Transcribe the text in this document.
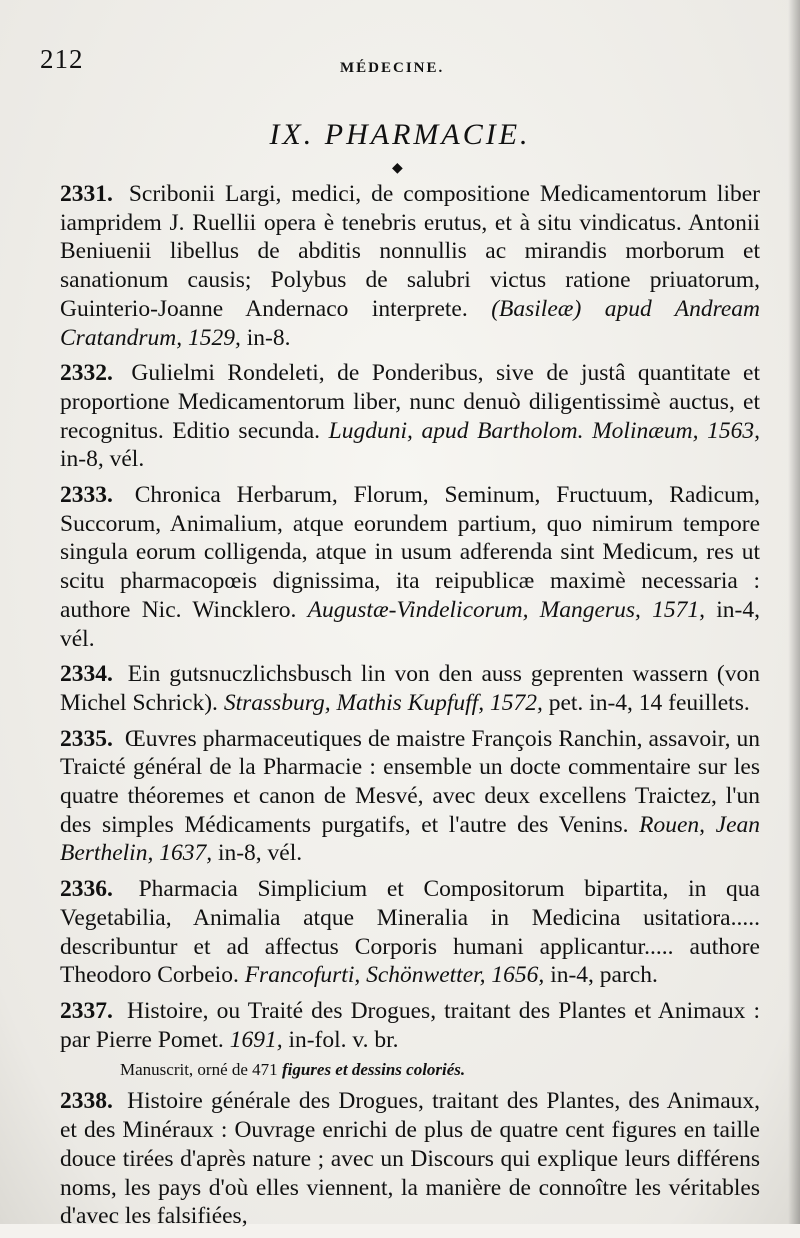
212	MÉDECINE.
IX. PHARMACIE.
◆

2331. Scribonii Largi, medici, de compositione Medicamentorum liber iampridem J. Ruellii opera è tenebris erutus, et à situ vindicatus. Antonii Beniuenii libellus de abditis nonnullis ac mirandis morborum et sanationum causis; Polybus de salubri victus ratione priuatorum, Guinterio-Joanne Andernaco interprete. (Basileæ) apud Andream Cratandrum, 1529, in-8.

2332. Gulielmi Rondeleti, de Ponderibus, sive de justâ quantitate et proportione Medicamentorum liber, nunc denuò diligentissimè auctus, et recognitus. Editio secunda. Lugduni, apud Bartholom. Molinæum, 1563, in-8, vél.

2333. Chronica Herbarum, Florum, Seminum, Fructuum, Radicum, Succorum, Animalium, atque eorundem partium, quo nimirum tempore singula eorum colligenda, atque in usum adferenda sint Medicum, res ut scitu pharmacopœis dignissima, ita reipublicæ maximè necessaria : authore Nic. Wincklero. Augustæ-Vindelicorum, Mangerus, 1571, in-4, vél.

2334. Ein gutsnuczlichsbusch lin von den auss geprenten wassern (von Michel Schrick). Strassburg, Mathis Kupfuff, 1572, pet. in-4, 14 feuillets.

2335. Œuvres pharmaceutiques de maistre François Ranchin, assavoir, un Traicté général de la Pharmacie : ensemble un docte commentaire sur les quatre théoremes et canon de Mesvé, avec deux excellens Traictez, l'un des simples Médicaments purgatifs, et l'autre des Venins. Rouen, Jean Berthelin, 1637, in-8, vél.

2336. Pharmacia Simplicium et Compositorum bipartita, in qua Vegetabilia, Animalia atque Mineralia in Medicina usitatiora..... describuntur et ad affectus Corporis humani applicantur..... authore Theodoro Corbeio. Francofurti, Schönwetter, 1656, in-4, parch.

2337. Histoire, ou Traité des Drogues, traitant des Plantes et Animaux : par Pierre Pomet. 1691, in-fol. v. br.

Manuscrit, orné de 471 figures et dessins coloriés.

2338. Histoire générale des Drogues, traitant des Plantes, des Animaux, et des Minéraux : Ouvrage enrichi de plus de quatre cent figures en taille douce tirées d'après nature ; avec un Discours qui explique leurs différens noms, les pays d'où elles viennent, la manière de connoître les véritables d'avec les falsifiées,
